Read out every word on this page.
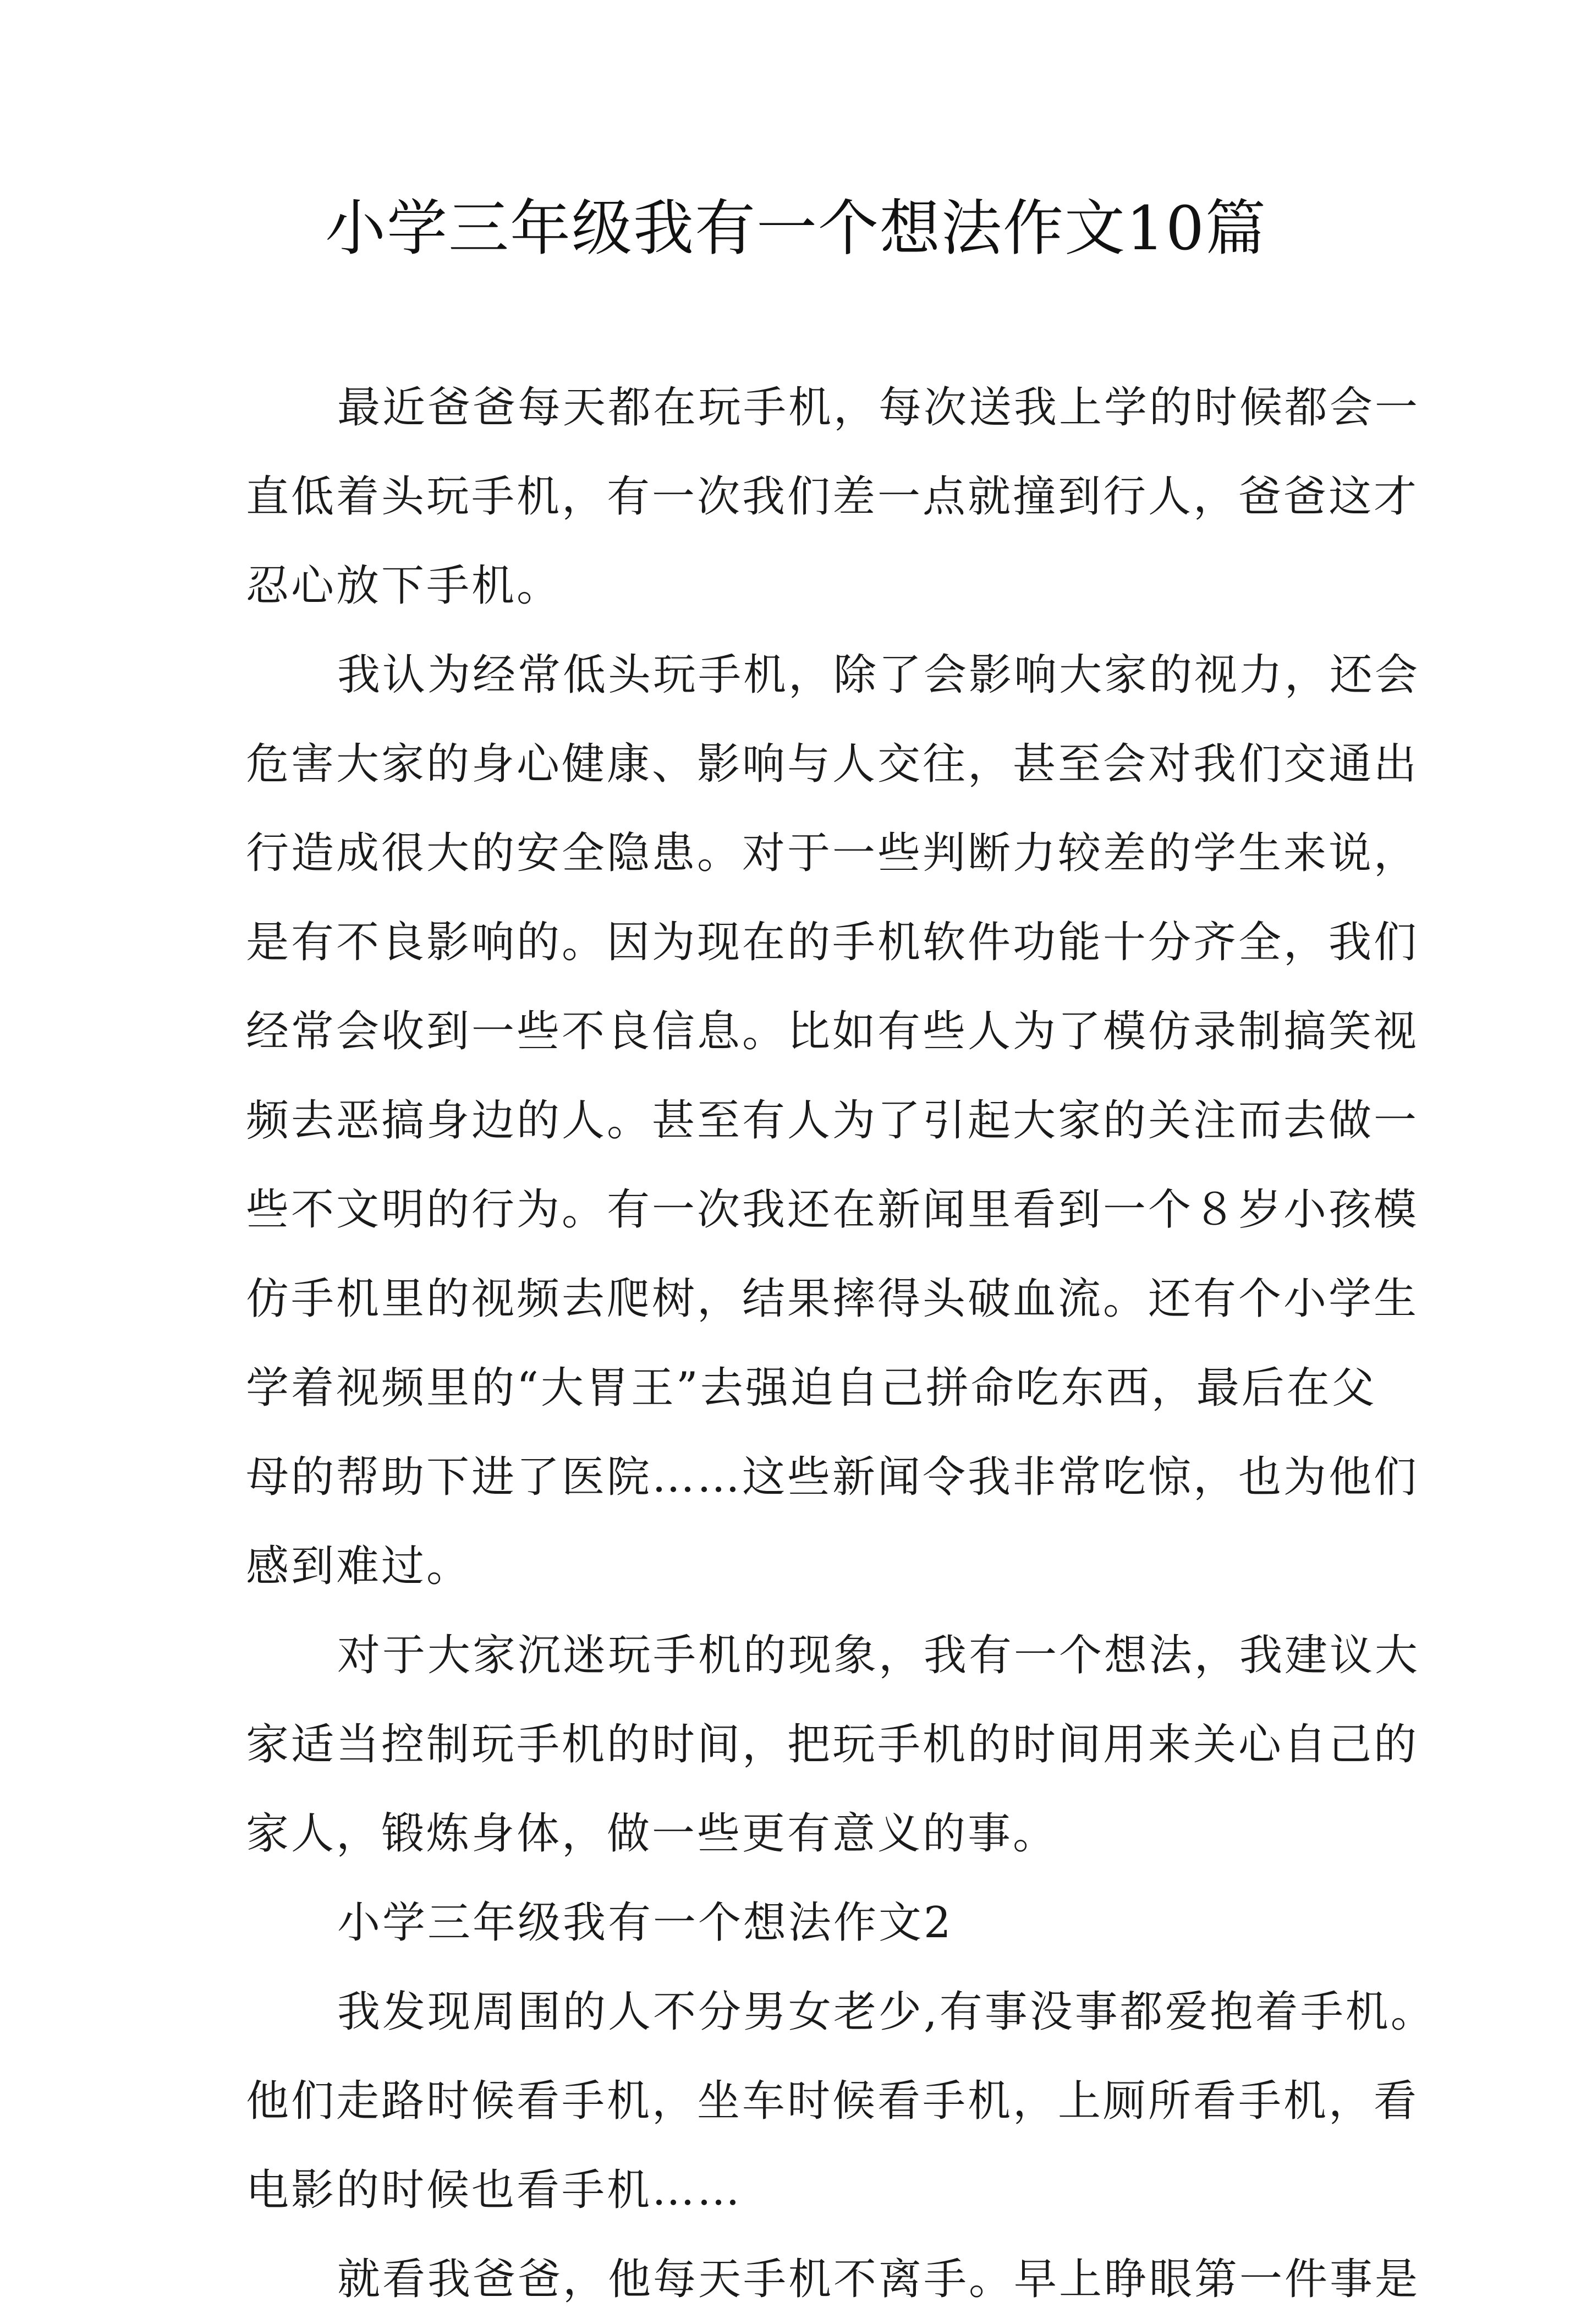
小学三年级我有一个想法作文10篇

最近爸爸每天都在玩手机，每次送我上学的时候都会一
直低着头玩手机，有一次我们差一点就撞到行人，爸爸这才
忍心放下手机。

我认为经常低头玩手机，除了会影响大家的视力，还会
危害大家的身心健康、影响与人交往，甚至会对我们交通出
行造成很大的安全隐患。对于一些判断力较差的学生来说，
是有不良影响的。因为现在的手机软件功能十分齐全，我们
经常会收到一些不良信息。比如有些人为了模仿录制搞笑视
频去恶搞身边的人。甚至有人为了引起大家的关注而去做一
些不文明的行为。有一次我还在新闻里看到一个８岁小孩模
仿手机里的视频去爬树，结果摔得头破血流。还有个小学生
学着视频里的“大胃王”去强迫自己拼命吃东西，最后在父
母的帮助下进了医院……这些新闻令我非常吃惊，也为他们
感到难过。

对于大家沉迷玩手机的现象，我有一个想法，我建议大
家适当控制玩手机的时间，把玩手机的时间用来关心自己的
家人，锻炼身体，做一些更有意义的事。

小学三年级我有一个想法作文2

我发现周围的人不分男女老少,有事没事都爱抱着手机。
他们走路时候看手机，坐车时候看手机，上厕所看手机，看
电影的时候也看手机……

就看我爸爸，他每天手机不离手。早上睁眼第一件事是
